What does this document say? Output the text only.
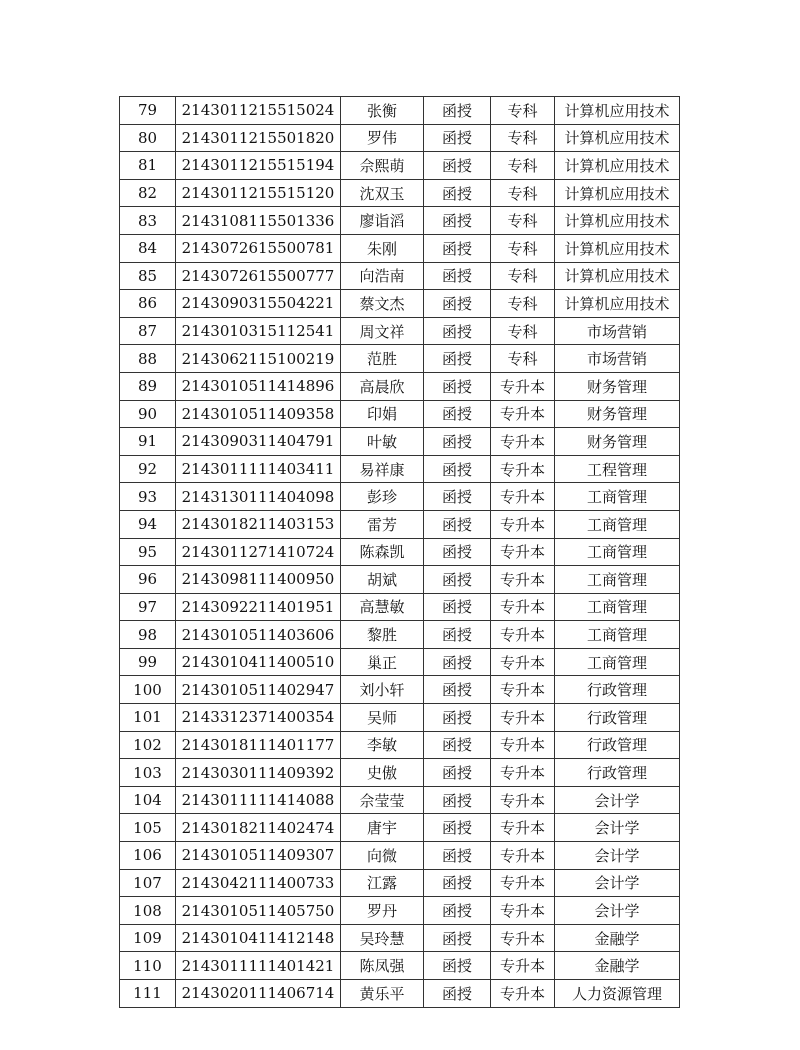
79	2143011215515024	张衡	函授	专科	计算机应用技术
80	2143011215501820	罗伟	函授	专科	计算机应用技术
81	2143011215515194	佘熙萌	函授	专科	计算机应用技术
82	2143011215515120	沈双玉	函授	专科	计算机应用技术
83	2143108115501336	廖诣滔	函授	专科	计算机应用技术
84	2143072615500781	朱刚	函授	专科	计算机应用技术
85	2143072615500777	向浩南	函授	专科	计算机应用技术
86	2143090315504221	蔡文杰	函授	专科	计算机应用技术
87	2143010315112541	周文祥	函授	专科	市场营销
88	2143062115100219	范胜	函授	专科	市场营销
89	2143010511414896	高晨欣	函授	专升本	财务管理
90	2143010511409358	印娟	函授	专升本	财务管理
91	2143090311404791	叶敏	函授	专升本	财务管理
92	2143011111403411	易祥康	函授	专升本	工程管理
93	2143130111404098	彭珍	函授	专升本	工商管理
94	2143018211403153	雷芳	函授	专升本	工商管理
95	2143011271410724	陈森凯	函授	专升本	工商管理
96	2143098111400950	胡斌	函授	专升本	工商管理
97	2143092211401951	高慧敏	函授	专升本	工商管理
98	2143010511403606	黎胜	函授	专升本	工商管理
99	2143010411400510	巢正	函授	专升本	工商管理
100	2143010511402947	刘小轩	函授	专升本	行政管理
101	2143312371400354	吴师	函授	专升本	行政管理
102	2143018111401177	李敏	函授	专升本	行政管理
103	2143030111409392	史傲	函授	专升本	行政管理
104	2143011111414088	佘莹莹	函授	专升本	会计学
105	2143018211402474	唐宇	函授	专升本	会计学
106	2143010511409307	向微	函授	专升本	会计学
107	2143042111400733	江露	函授	专升本	会计学
108	2143010511405750	罗丹	函授	专升本	会计学
109	2143010411412148	吴玲慧	函授	专升本	金融学
110	2143011111401421	陈凤强	函授	专升本	金融学
111	2143020111406714	黄乐平	函授	专升本	人力资源管理
